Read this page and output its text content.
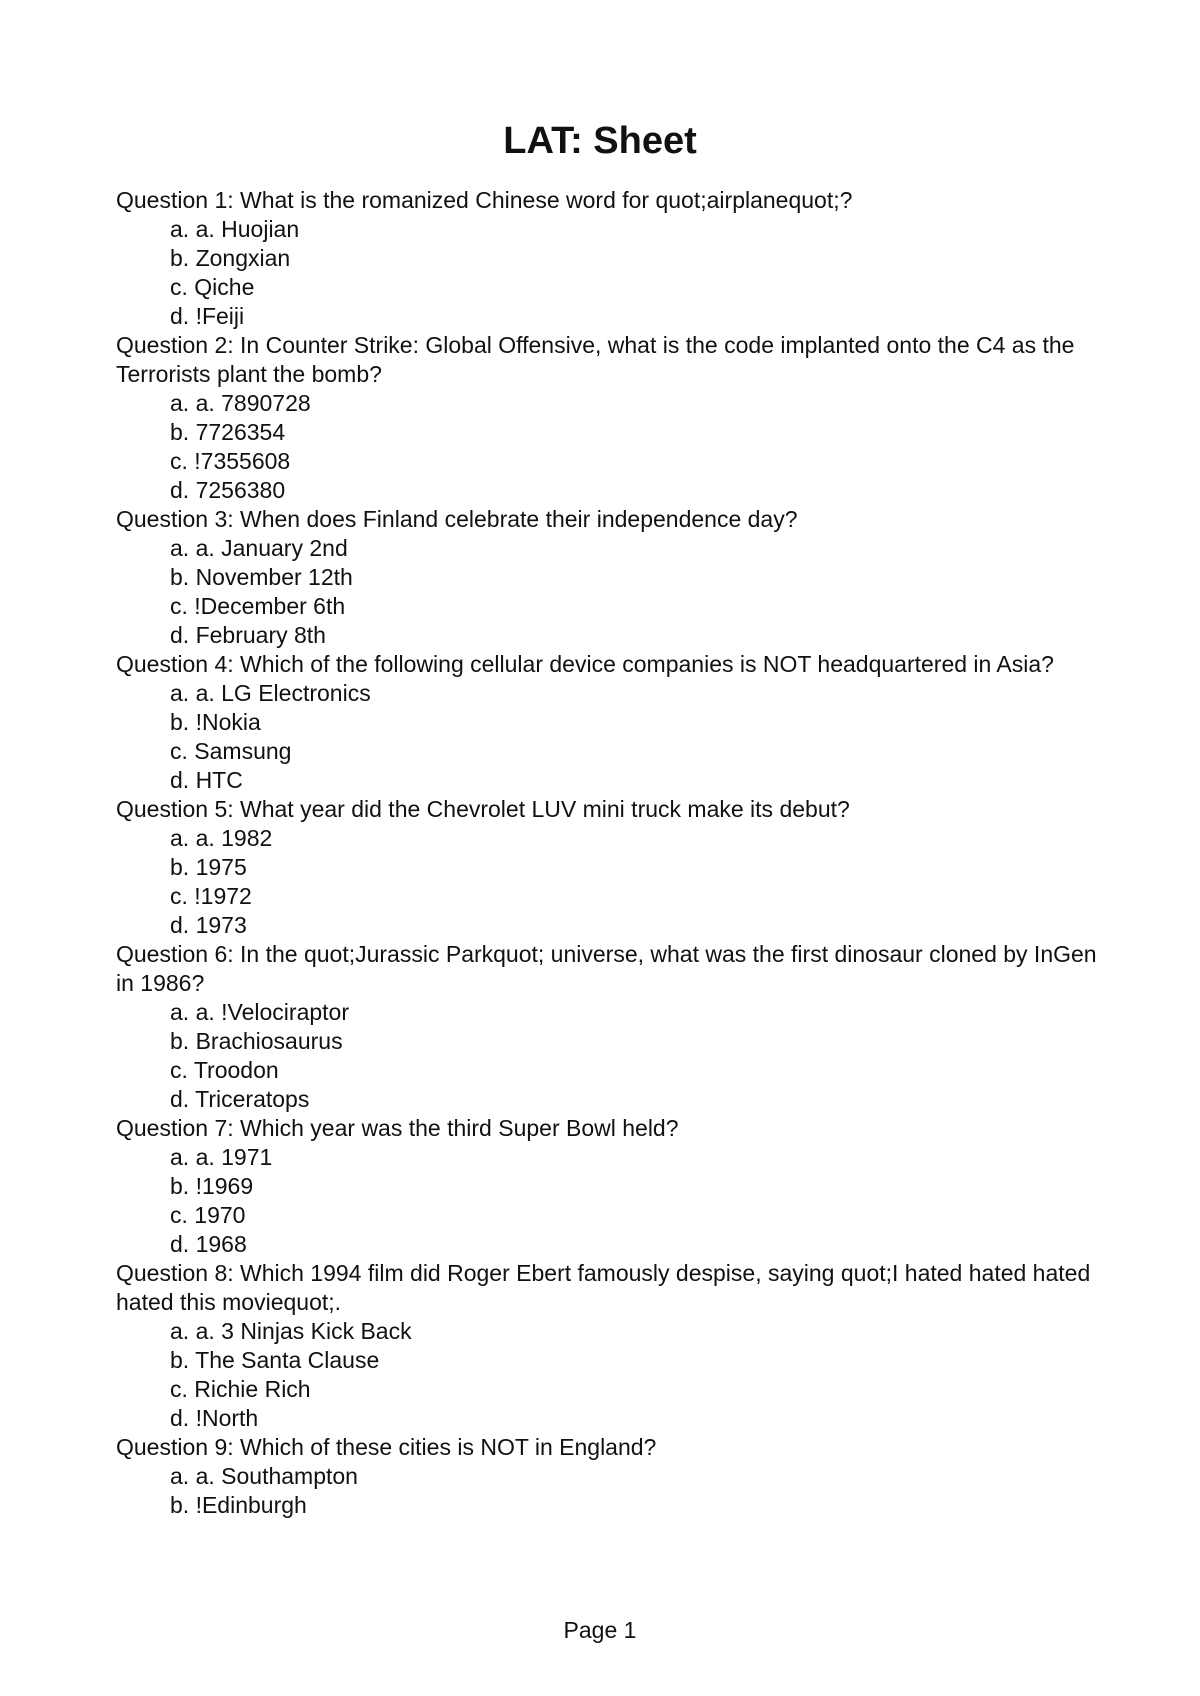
LAT: Sheet
Question 1: What is the romanized Chinese word for quot;airplanequot;?
a. a. Huojian
b. Zongxian
c. Qiche
d. !Feiji
Question 2: In Counter Strike: Global Offensive, what is the code implanted onto the C4 as the Terrorists plant the bomb?
a. a. 7890728
b. 7726354
c. !7355608
d. 7256380
Question 3: When does Finland celebrate their independence day?
a. a. January 2nd
b. November 12th
c. !December 6th
d. February 8th
Question 4: Which of the following cellular device companies is NOT headquartered in Asia?
a. a. LG Electronics
b. !Nokia
c. Samsung
d. HTC
Question 5: What year did the Chevrolet LUV mini truck make its debut?
a. a. 1982
b. 1975
c. !1972
d. 1973
Question 6: In the quot;Jurassic Parkquot; universe, what was the first dinosaur cloned by InGen in 1986?
a. a. !Velociraptor
b. Brachiosaurus
c. Troodon
d. Triceratops
Question 7: Which year was the third Super Bowl held?
a. a. 1971
b. !1969
c. 1970
d. 1968
Question 8: Which 1994 film did Roger Ebert famously despise, saying quot;I hated hated hated hated this moviequot;.
a. a. 3 Ninjas Kick Back
b. The Santa Clause
c. Richie Rich
d. !North
Question 9: Which of these cities is NOT in England?
a. a. Southampton
b. !Edinburgh
Page 1
